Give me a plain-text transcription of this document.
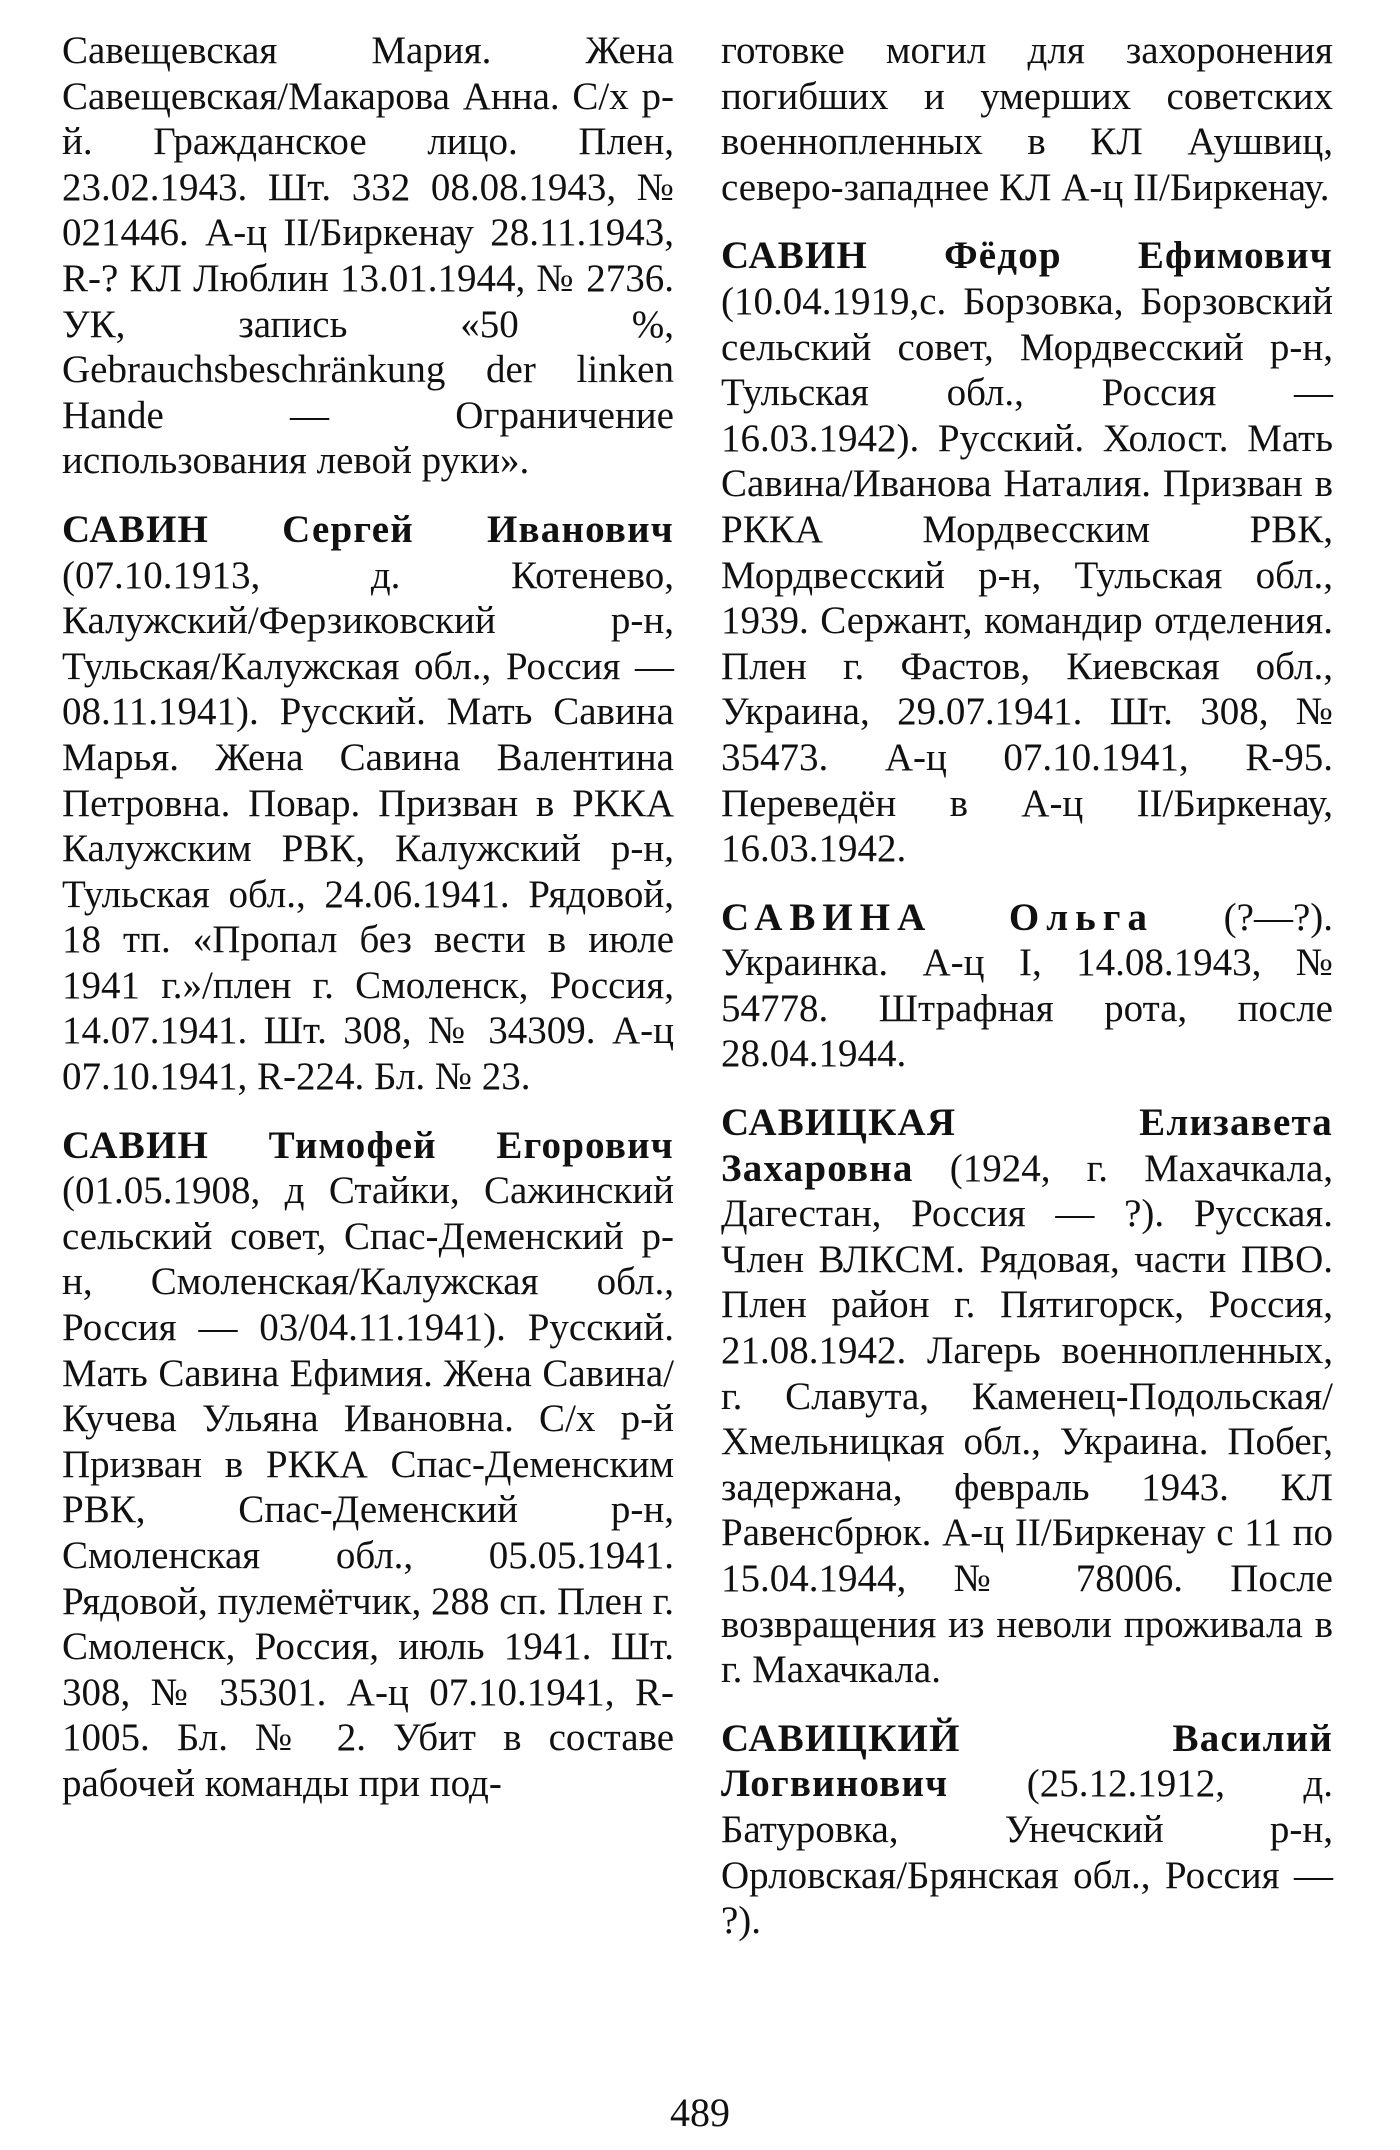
Савещевская Мария. Жена Савещевская/Макарова Анна. С/х р-й. Гражданское лицо. Плен, 23.02.1943. Шт. 332 08.08.1943, № 021446. А-ц II/Биркенау 28.11.1943, R-? КЛ Люблин 13.01.1944, № 2736. УК, запись «50 %, Gebrauchsbeschränkung der linken Hande — Ограничение использования левой руки».

САВИН Сергей Иванович (07.10.1913, д. Котенево, Калужский/Ферзиковский р-н, Тульская/Калужская обл., Россия — 08.11.1941). Русский. Мать Савина Марья. Жена Савина Валентина Петровна. Повар. Призван в РККА Калужским РВК, Калужский р-н, Тульская обл., 24.06.1941. Рядовой, 18 тп. «Пропал без вести в июле 1941 г.»/плен г. Смоленск, Россия, 14.07.1941. Шт. 308, № 34309. А-ц 07.10.1941, R-224. Бл. № 23.

САВИН Тимофей Егорович (01.05.1908, д Стайки, Сажинский сельский совет, Спас-Деменский р-н, Смоленская/Калужская обл., Россия — 03/04.11.1941). Русский. Мать Савина Ефимия. Жена Савина/Кучева Ульяна Ивановна. С/х р-й Призван в РККА Спас-Деменским РВК, Спас-Деменский р-н, Смоленская обл., 05.05.1941. Рядовой, пулемётчик, 288 сп. Плен г. Смоленск, Россия, июль 1941. Шт. 308, № 35301. А-ц 07.10.1941, R-1005. Бл. № 2. Убит в составе рабочей команды при под-

готовке могил для захоронения погибших и умерших советских военнопленных в КЛ Аушвиц, северо-западнее КЛ А-ц II/Биркенау.

САВИН Фёдор Ефимович (10.04.1919,с. Борзовка, Борзовский сельский совет, Мордвесский р-н, Тульская обл., Россия — 16.03.1942). Русский. Холост. Мать Савина/Иванова Наталия. Призван в РККА Мордвесским РВК, Мордвесский р-н, Тульская обл., 1939. Сержант, командир отделения. Плен г. Фастов, Киевская обл., Украина, 29.07.1941. Шт. 308, № 35473. А-ц 07.10.1941, R-95. Переведён в А-ц II/Биркенау, 16.03.1942.

САВИНА Ольга (?—?). Украинка. А-ц I, 14.08.1943, № 54778. Штрафная рота, после 28.04.1944.

САВИЦКАЯ Елизавета Захаровна (1924, г. Махачкала, Дагестан, Россия — ?). Русская. Член ВЛКСМ. Рядовая, части ПВО. Плен район г. Пятигорск, Россия, 21.08.1942. Лагерь военнопленных, г. Славута, Каменец-Подольская/Хмельницкая обл., Украина. Побег, задержана, февраль 1943. КЛ Равенсбрюк. А-ц II/Биркенау с 11 по 15.04.1944, № 78006. После возвращения из неволи проживала в г. Махачкала.

САВИЦКИЙ Василий Логвинович (25.12.1912, д. Батуровка, Унечский р-н, Орловская/Брянская обл., Россия — ?).

489
